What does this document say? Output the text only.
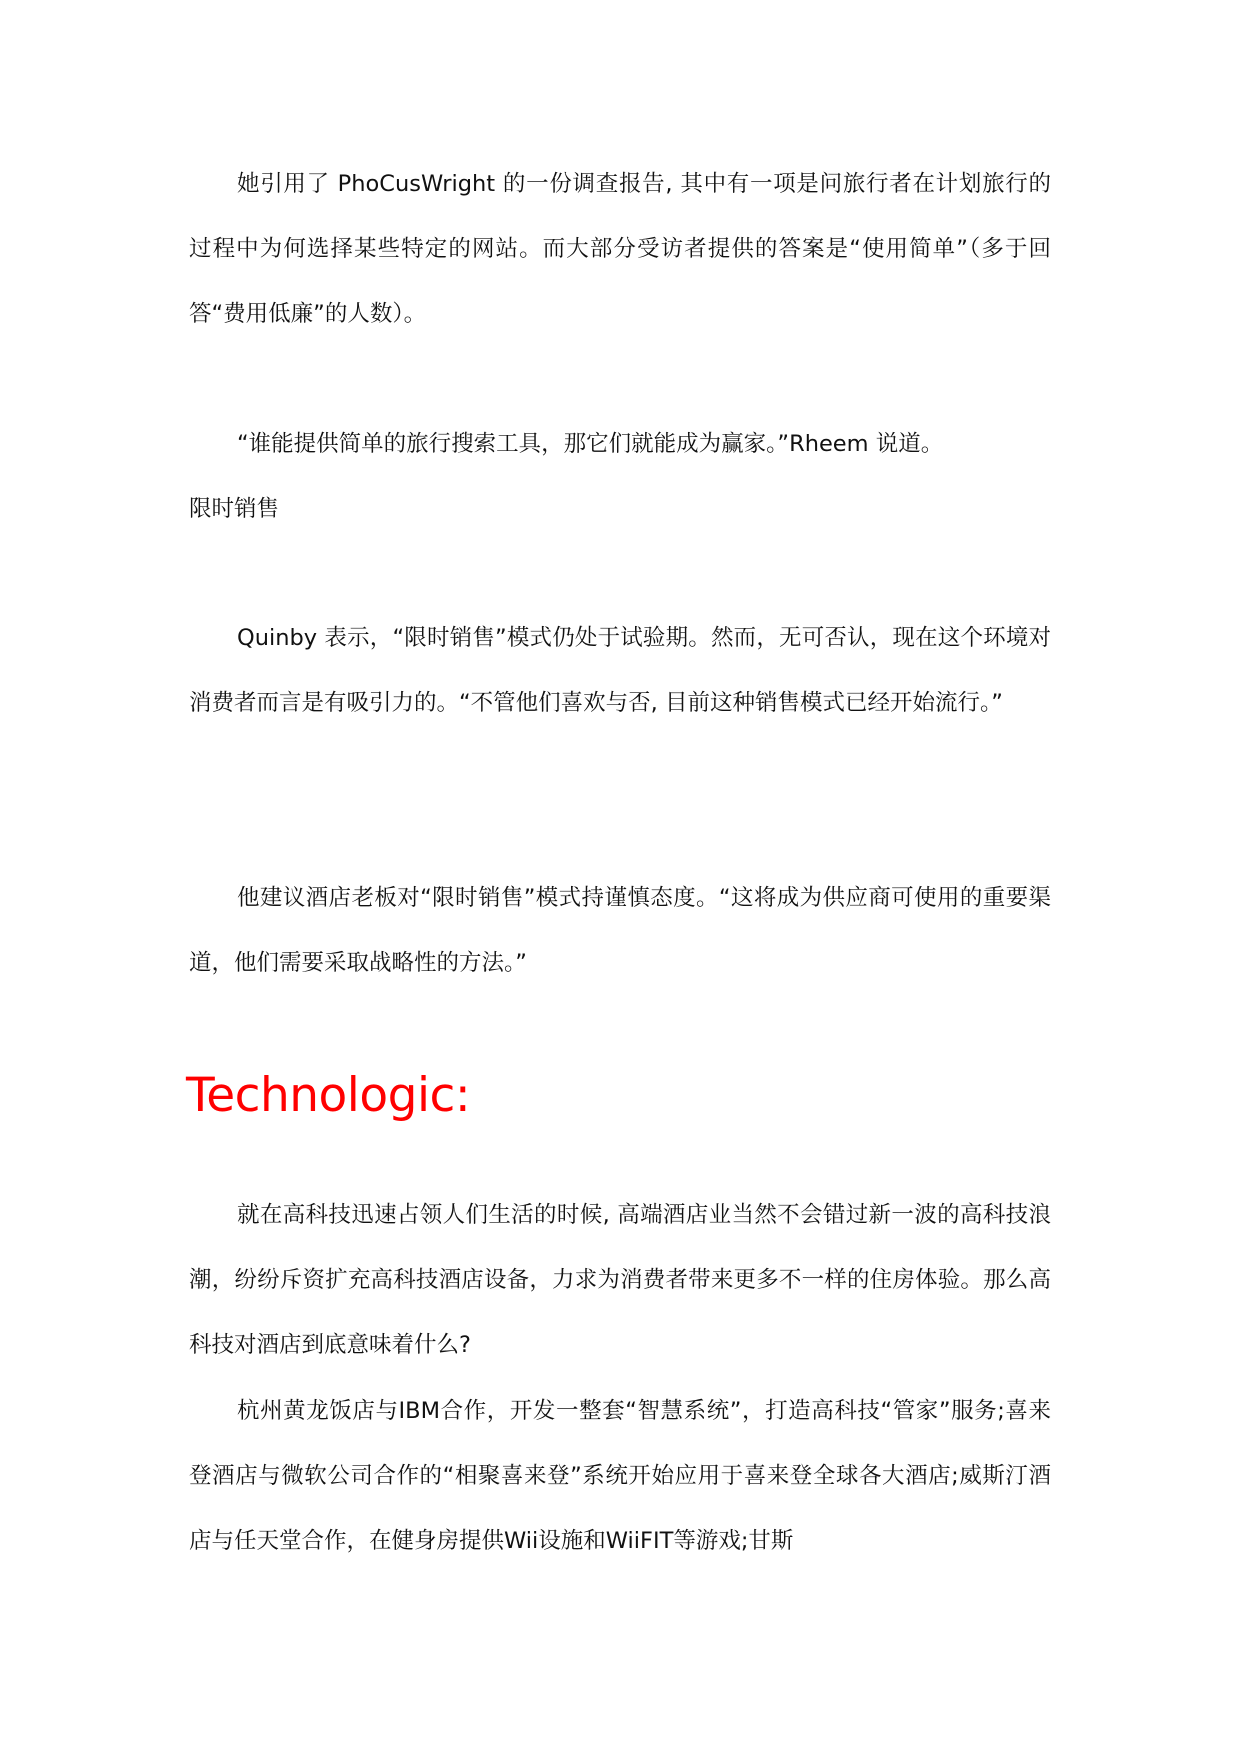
她引用了 PhoCusWright 的一份调查报告, 其中有一项是问旅行者在计划旅行的过程中为何选择某些特定的网站。而大部分受访者提供的答案是“使用简单”（多于回答“费用低廉”的人数）。

“谁能提供简单的旅行搜索工具，那它们就能成为赢家。”Rheem 说道。
限时销售

Quinby 表示，“限时销售”模式仍处于试验期。然而，无可否认，现在这个环境对消费者而言是有吸引力的。“不管他们喜欢与否, 目前这种销售模式已经开始流行。”

他建议酒店老板对“限时销售”模式持谨慎态度。“这将成为供应商可使用的重要渠道，他们需要采取战略性的方法。”

Technologic:

就在高科技迅速占领人们生活的时候, 高端酒店业当然不会错过新一波的高科技浪潮，纷纷斥资扩充高科技酒店设备，力求为消费者带来更多不一样的住房体验。那么高科技对酒店到底意味着什么?

杭州黄龙饭店与IBM合作，开发一整套“智慧系统”，打造高科技“管家”服务;喜来登酒店与微软公司合作的“相聚喜来登”系统开始应用于喜来登全球各大酒店;威斯汀酒店与任天堂合作，在健身房提供Wii设施和WiiFIT等游戏;甘斯
